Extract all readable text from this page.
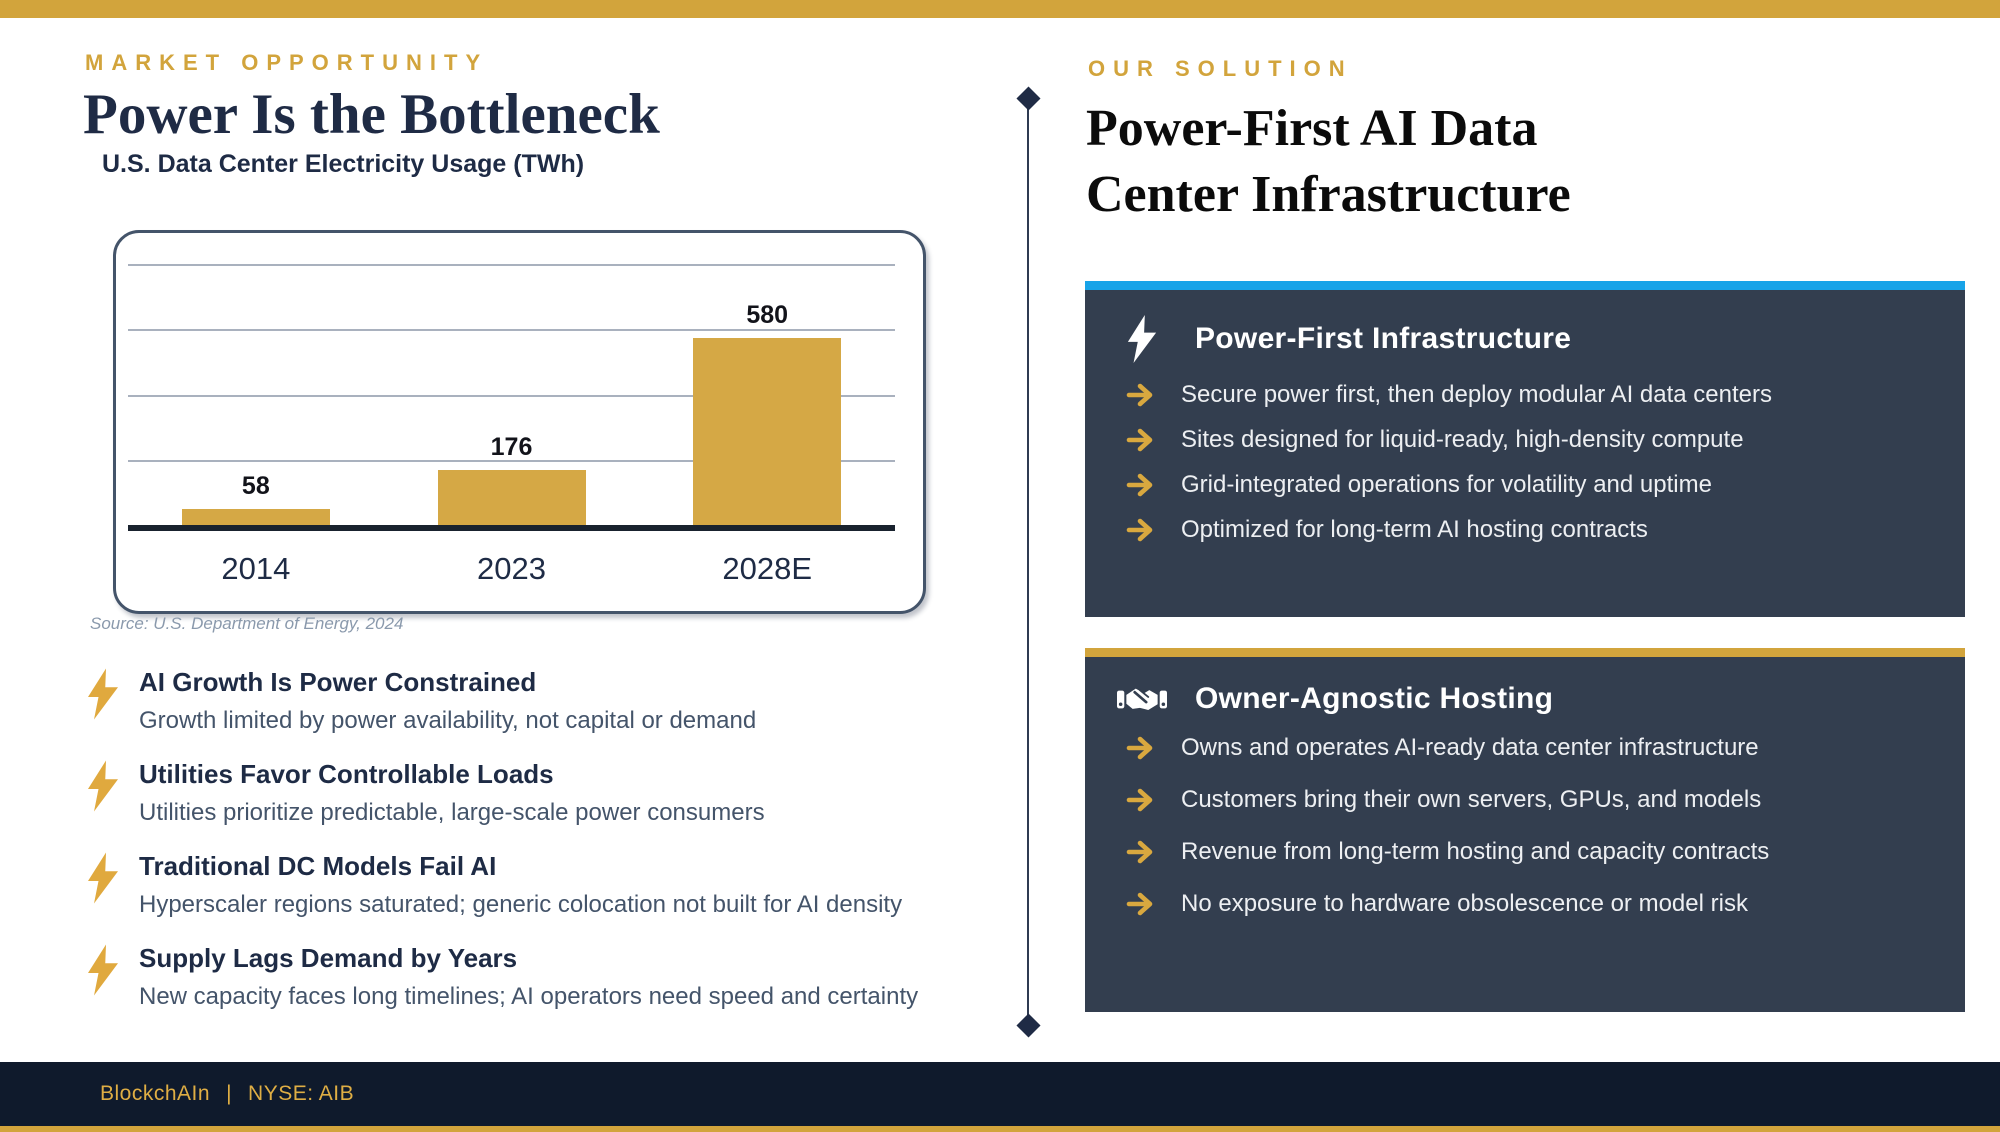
MARKET OPPORTUNITY
Power Is the Bottleneck
U.S. Data Center Electricity Usage (TWh)
58
176
580
2014	2023	2028E
Source: U.S. Department of Energy, 2024
AI Growth Is Power Constrained
Growth limited by power availability, not capital or demand
Utilities Favor Controllable Loads
Utilities prioritize predictable, large-scale power consumers
Traditional DC Models Fail AI
Hyperscaler regions saturated; generic colocation not built for AI density
Supply Lags Demand by Years
New capacity faces long timelines; AI operators need speed and certainty
OUR SOLUTION
Power-First AI Data
Center Infrastructure
Power-First Infrastructure
Secure power first, then deploy modular AI data centers
Sites designed for liquid-ready, high-density compute
Grid-integrated operations for volatility and uptime
Optimized for long-term AI hosting contracts
Owner-Agnostic Hosting
Owns and operates AI-ready data center infrastructure
Customers bring their own servers, GPUs, and models
Revenue from long-term hosting and capacity contracts
No exposure to hardware obsolescence or model risk
BlockchAIn | NYSE: AIB
